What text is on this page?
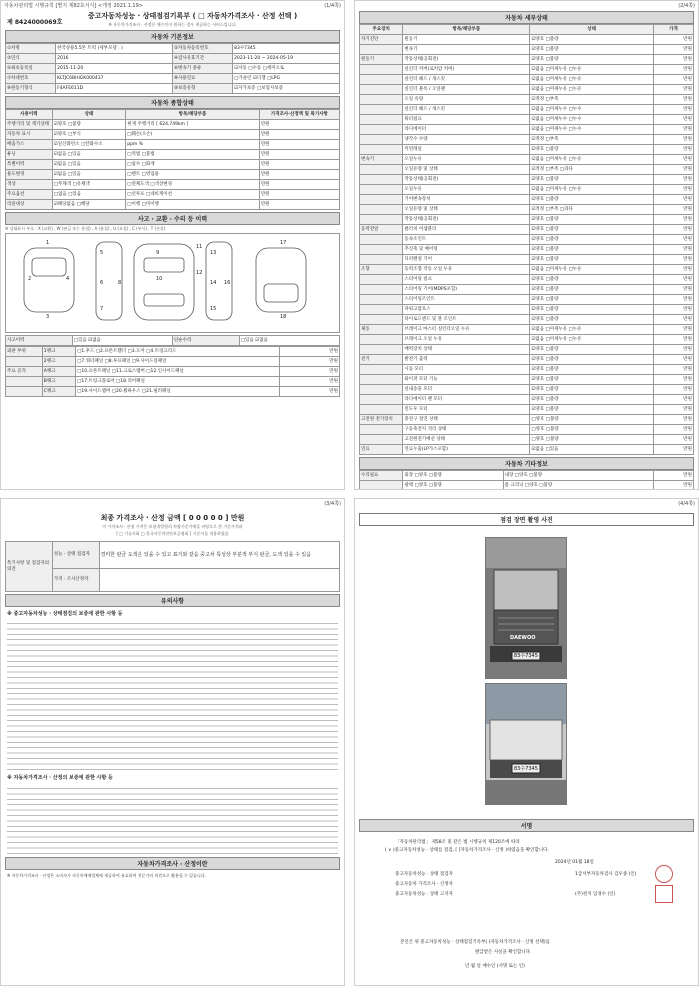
자동차관리법 시행규칙 [별지 제82호서식] <개정 2021.1.19>	(1/4쪽)
제 8424000069호
중고자동차성능 · 상태점검기록부 ( □ 자동차가격조사 · 산정 선택 )
※ 자동차가격조사 · 산정은 매수인이 원하는 경우 제공하는 서비스입니다.
자동차 기본정보
①차명	한국상용5.5톤 트럭 (세부모델 : )	②자동차등록번호	83수7345
③연식	2016	④검사유효기간	2023-11-20 ~ 2024-05-19
⑤최초등록일	2015-11-20	⑥변속기 종류	☑자동 □수동 □세미오토
⑦차대번호	KLTJC6BHIGK000437	⑧사용연료	□가솔린 ☑디젤 □LPG
⑨원동기형식	F4AFE611D	⑩보증유형	☑자가보증 □보험사보증
자동차 종합상태
사용이력	상태	항목/해당부품	가격조사·산정액 및 특기사항
주행거리 및 계기상태	☑양호 □불량	현재 주행거리 [ 624,749km ]	만원
자동차 표시	☑양호 □부식	□훼손(오손)	만원
배출가스	☑일산화탄소 □탄화수소	ppm %	만원
튜닝	☑없음 □있음	□적법 □불법	만원
특별이력	☑없음 □있음	□침수 □화재	만원
용도변경	☑없음 □있음	□렌트 □영업용	만원
색상	□무채색 □유채색	□전체도색 □색상변경	만원
주요옵션	□없음 □있음	□선루프 □네비게이션	만원
리콜대상	☑해당없음 □해당	□이행 □미이행	만원
사고 · 교환 · 수리 등 이력
※ 상태표시 부호 : X (교환) , W (판금 또는 용접) , A (흠집) , U (요철) , C (부식) , T (손상)
1
2
3
4
5
6
7
8
9
10
11
12
13
14
15
16
17
18
사고이력	□있음 ☑없음	단순수리	□있음 ☑없음
외판 부위	1랭크	□1.후드 □2.프론트휀더 □3.도어 □4.트렁크리드	만원
	2랭크	□7.쿼터패널 □8.루프패널 □9.사이드실패널	만원
주요 골격	A랭크	□10.프론트패널 □11.크로스멤버 □12.인사이드패널	만원
	B랭크	□17.트렁크플로어 □18.리어패널	만원
	C랭크	□19.사이드멤버 □20.휠하우스 □21.필러패널	만원
(2/4쪽)
자동차 세부상태
주요장치	항목/해당부품	상태	가격
자기진단	원동기	☑양호 □불량	만원
	변속기	☑양호 □불량	만원
원동기	작동상태(공회전)	☑양호 □불량	만원
	실린더 커버(로커암 커버)	☑없음 □미세누유 □누유	만원
	실린더 헤드 / 개스킷	☑없음 □미세누유 □누유	만원
	실린더 블록 / 오일팬	☑없음 □미세누유 □누유	만원
	오일 유량	☑적정 □부족	만원
	실린더 헤드 / 개스킷	☑없음 □미세누수 □누수	만원
	워터펌프	☑없음 □미세누수 □누수	만원
	라디에이터	☑없음 □미세누수 □누수	만원
	냉각수 수량	☑적정 □부족	만원
	커먼레일	☑양호 □불량	만원
변속기	오일누유	☑없음 □미세누유 □누유	만원
	오일유량 및 상태	☑적정 □부족 □과다	만원
	작동상태(공회전)	☑양호 □불량	만원
	오일누유	☑없음 □미세누유 □누유	만원
	기어변속장치	☑양호 □불량	만원
	오일유량 및 상태	☑적정 □부족 □과다	만원
	작동상태(공회전)	☑양호 □불량	만원
동력전달	클러치 어셈블리	☑양호 □불량	만원
	등속조인트	☑양호 □불량	만원
	추진축 및 베어링	☑양호 □불량	만원
	디퍼렌셜 기어	☑양호 □불량	만원
조향	동력조향 작동 오일 누유	☑없음 □미세누유 □누유	만원
	스티어링 펌프	☑양호 □불량	만원
	스티어링 기어(MDPS포함)	☑양호 □불량	만원
	스티어링조인트	☑양호 □불량	만원
	파워고압호스	☑양호 □불량	만원
	타이로드엔드 및 볼 조인트	☑양호 □불량	만원
제동	브레이크 마스터 실린더오일 누유	☑없음 □미세누유 □누유	만원
	브레이크 오일 누유	☑없음 □미세누유 □누유	만원
	배력장치 상태	☑양호 □불량	만원
전기	발전기 출력	☑양호 □불량	만원
	시동 모터	☑양호 □불량	만원
	와이퍼 모터 기능	☑양호 □불량	만원
	실내송풍 모터	☑양호 □불량	만원
	라디에이터 팬 모터	☑양호 □불량	만원
	윈도우 모터	☑양호 □불량	만원
고전원 전기장치	충전구 절연 상태	□양호 □불량	만원
	구동축전지 격리 상태	□양호 □불량	만원
	고전원전기배선 상태	□양호 □불량	만원
연료	연료누출(LP가스포함)	☑없음 □있음	만원
자동차 기타정보
수리필요	외장 □양호 □불량	내장 □양호 □불량	만원
	광택 □양호 □불량	룸 크리닝 □양호 □불량	만원

(3/4쪽)
최종 가격조사 · 산정 금액 [ 0 0 0 0 0 ] 만원
이 가격조사 · 산정 가격은 보험개발원의 차량기준가액을 바탕으로 한 기준가격과
[ □ 기술사회 □ 한국자동차진단보증협회 ] 기준서를 적용하였음
특기사항 및 점검자의 의견	성능 · 상태 점검자	경미한 판금 도색은 있을 수 있고 표기와 같음 중고차 특성상 부분적 부식 판금, 도색 있을 수 있음
	가격 · 조사산정자	
유의사항
※ 중고자동차성능 · 상태점검의 보증에 관한 사항 등
※ 자동차가격조사 · 산정의 보증에 관한 사항 등
자동차가격조사 · 산정이란
※ 자동차가격조사 · 산정은 소비자가 자동차매매업체에 제공하여 유효하며 전문가의 의견으로 활용될 수 있습니다.
(4/4쪽)
점검 장면 촬영 사진
DAEWOO
83수7345
83수7345
서명
「자동차관리법」 제58조 및 같은 법 시행규칙 제120조에 따라
( ∨ )중고자동차성능 · 상태를 점검, [ ]자동차가격조사 · 산정 )하였음을 확인합니다.
2024년 01월 18일
중고자동차성능 · 상태 점검자	1급서부자동차검사 김우종 (인)
중고자동차 가격조사 · 산정자
중고자동차성능 · 상태 고지자	(주)천지 임경수 (인)
본인은 위 중고자동차성능 · 상태점검기록부( )자동차가격조사 · 산정 선택)를
발급받은 사실을 확인합니다.
년 월 일 매수인 (서명 또는 인)
